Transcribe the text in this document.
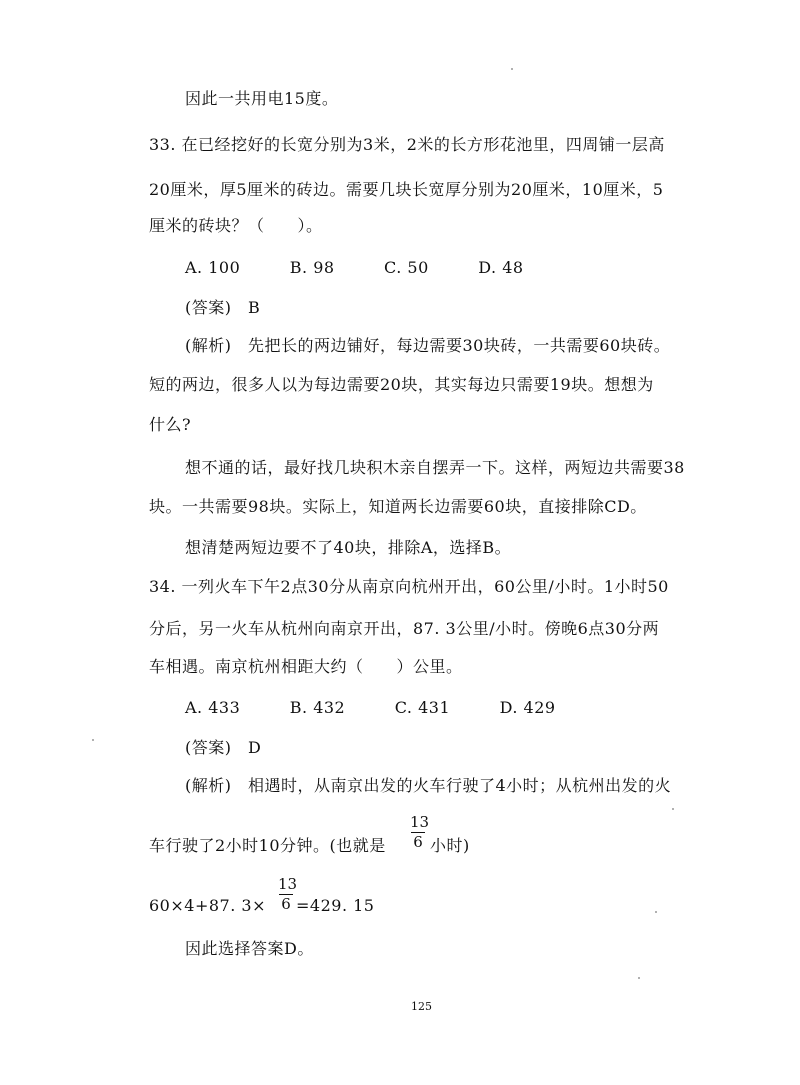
因此一共用电15度。
33. 在已经挖好的长宽分别为3米，2米的长方形花池里，四周铺一层高
20厘米，厚5厘米的砖边。需要几块长宽厚分别为20厘米，10厘米，5
厘米的砖块？（　　）。
A. 100　　　B. 98　　　C. 50　　　D. 48
(答案)　B
(解析)　先把长的两边铺好，每边需要30块砖，一共需要60块砖。
短的两边，很多人以为每边需要20块，其实每边只需要19块。想想为
什么?
想不通的话，最好找几块积木亲自摆弄一下。这样，两短边共需要38
块。一共需要98块。实际上，知道两长边需要60块，直接排除CD。
想清楚两短边要不了40块，排除A，选择B。
34. 一列火车下午2点30分从南京向杭州开出，60公里/小时。1小时50
分后，另一火车从杭州向南京开出，87. 3公里/小时。傍晚6点30分两
车相遇。南京杭州相距大约（　　）公里。
A. 433　　　B. 432　　　C. 431　　　D. 429
(答案)　D
(解析)　相遇时，从南京出发的火车行驶了4小时；从杭州出发的火
车行驶了2小时10分钟。(也就是
13
6 小时)
60×4+87. 3×
13
6 =429. 15
因此选择答案D。
125
